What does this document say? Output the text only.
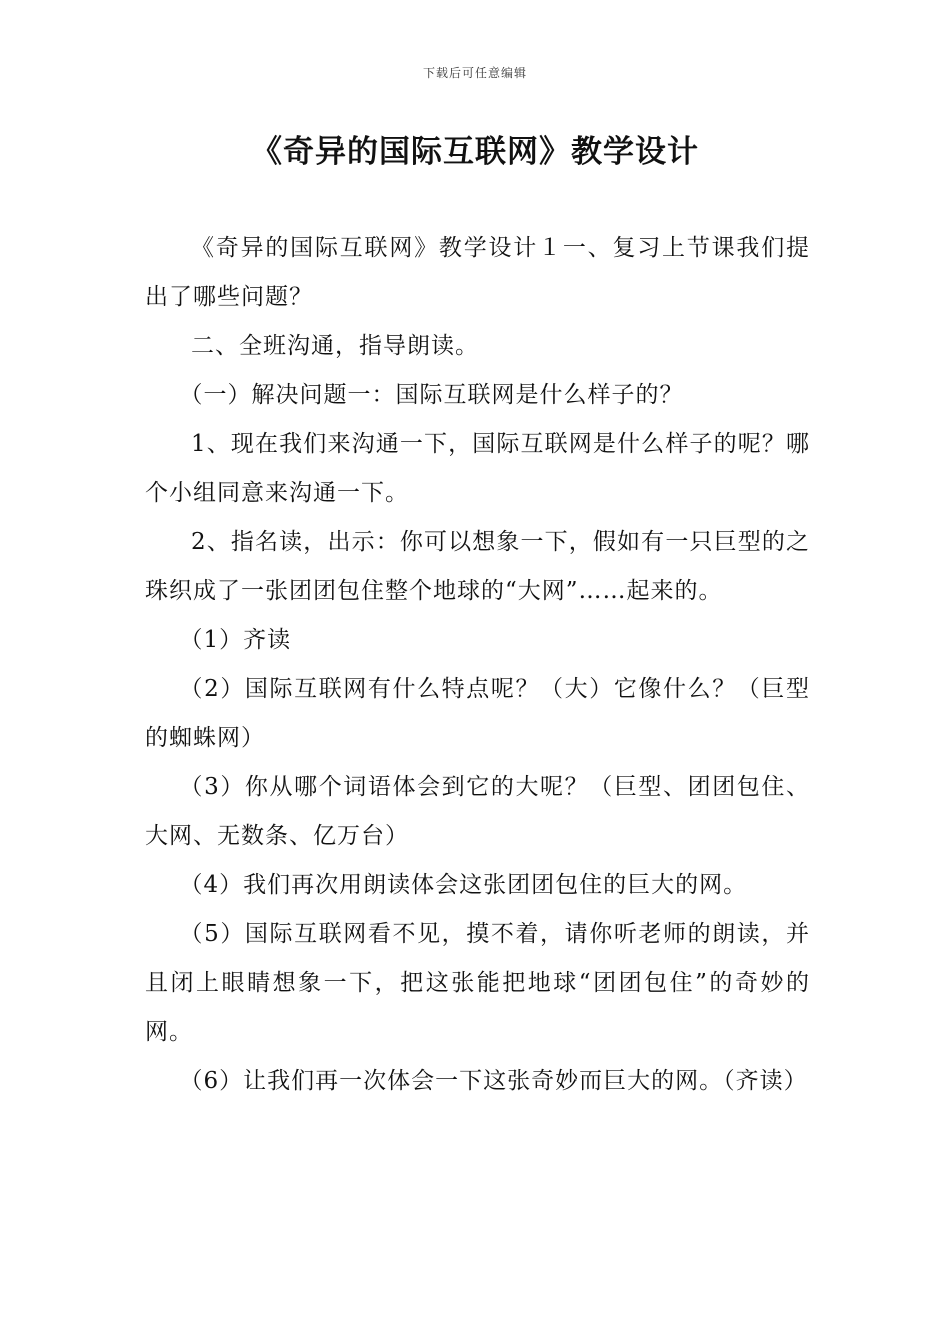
下载后可任意编辑
《奇异的国际互联网》教学设计

《奇异的国际互联网》教学设计１一、复习上节课我们提出了哪些问题？

二、全班沟通，指导朗读。

（一）解决问题一：国际互联网是什么样子的？

1、现在我们来沟通一下，国际互联网是什么样子的呢？哪个小组同意来沟通一下。

2、指名读，出示：你可以想象一下，假如有一只巨型的之珠织成了一张团团包住整个地球的“大网”……起来的。

（1）齐读

（2）国际互联网有什么特点呢？（大）它像什么？（巨型的蜘蛛网）

（3）你从哪个词语体会到它的大呢？（巨型、团团包住、大网、无数条、亿万台）

（4）我们再次用朗读体会这张团团包住的巨大的网。

（5）国际互联网看不见，摸不着，请你听老师的朗读，并且闭上眼睛想象一下，把这张能把地球“团团包住”的奇妙的网。

（6）让我们再一次体会一下这张奇妙而巨大的网。（齐读）
